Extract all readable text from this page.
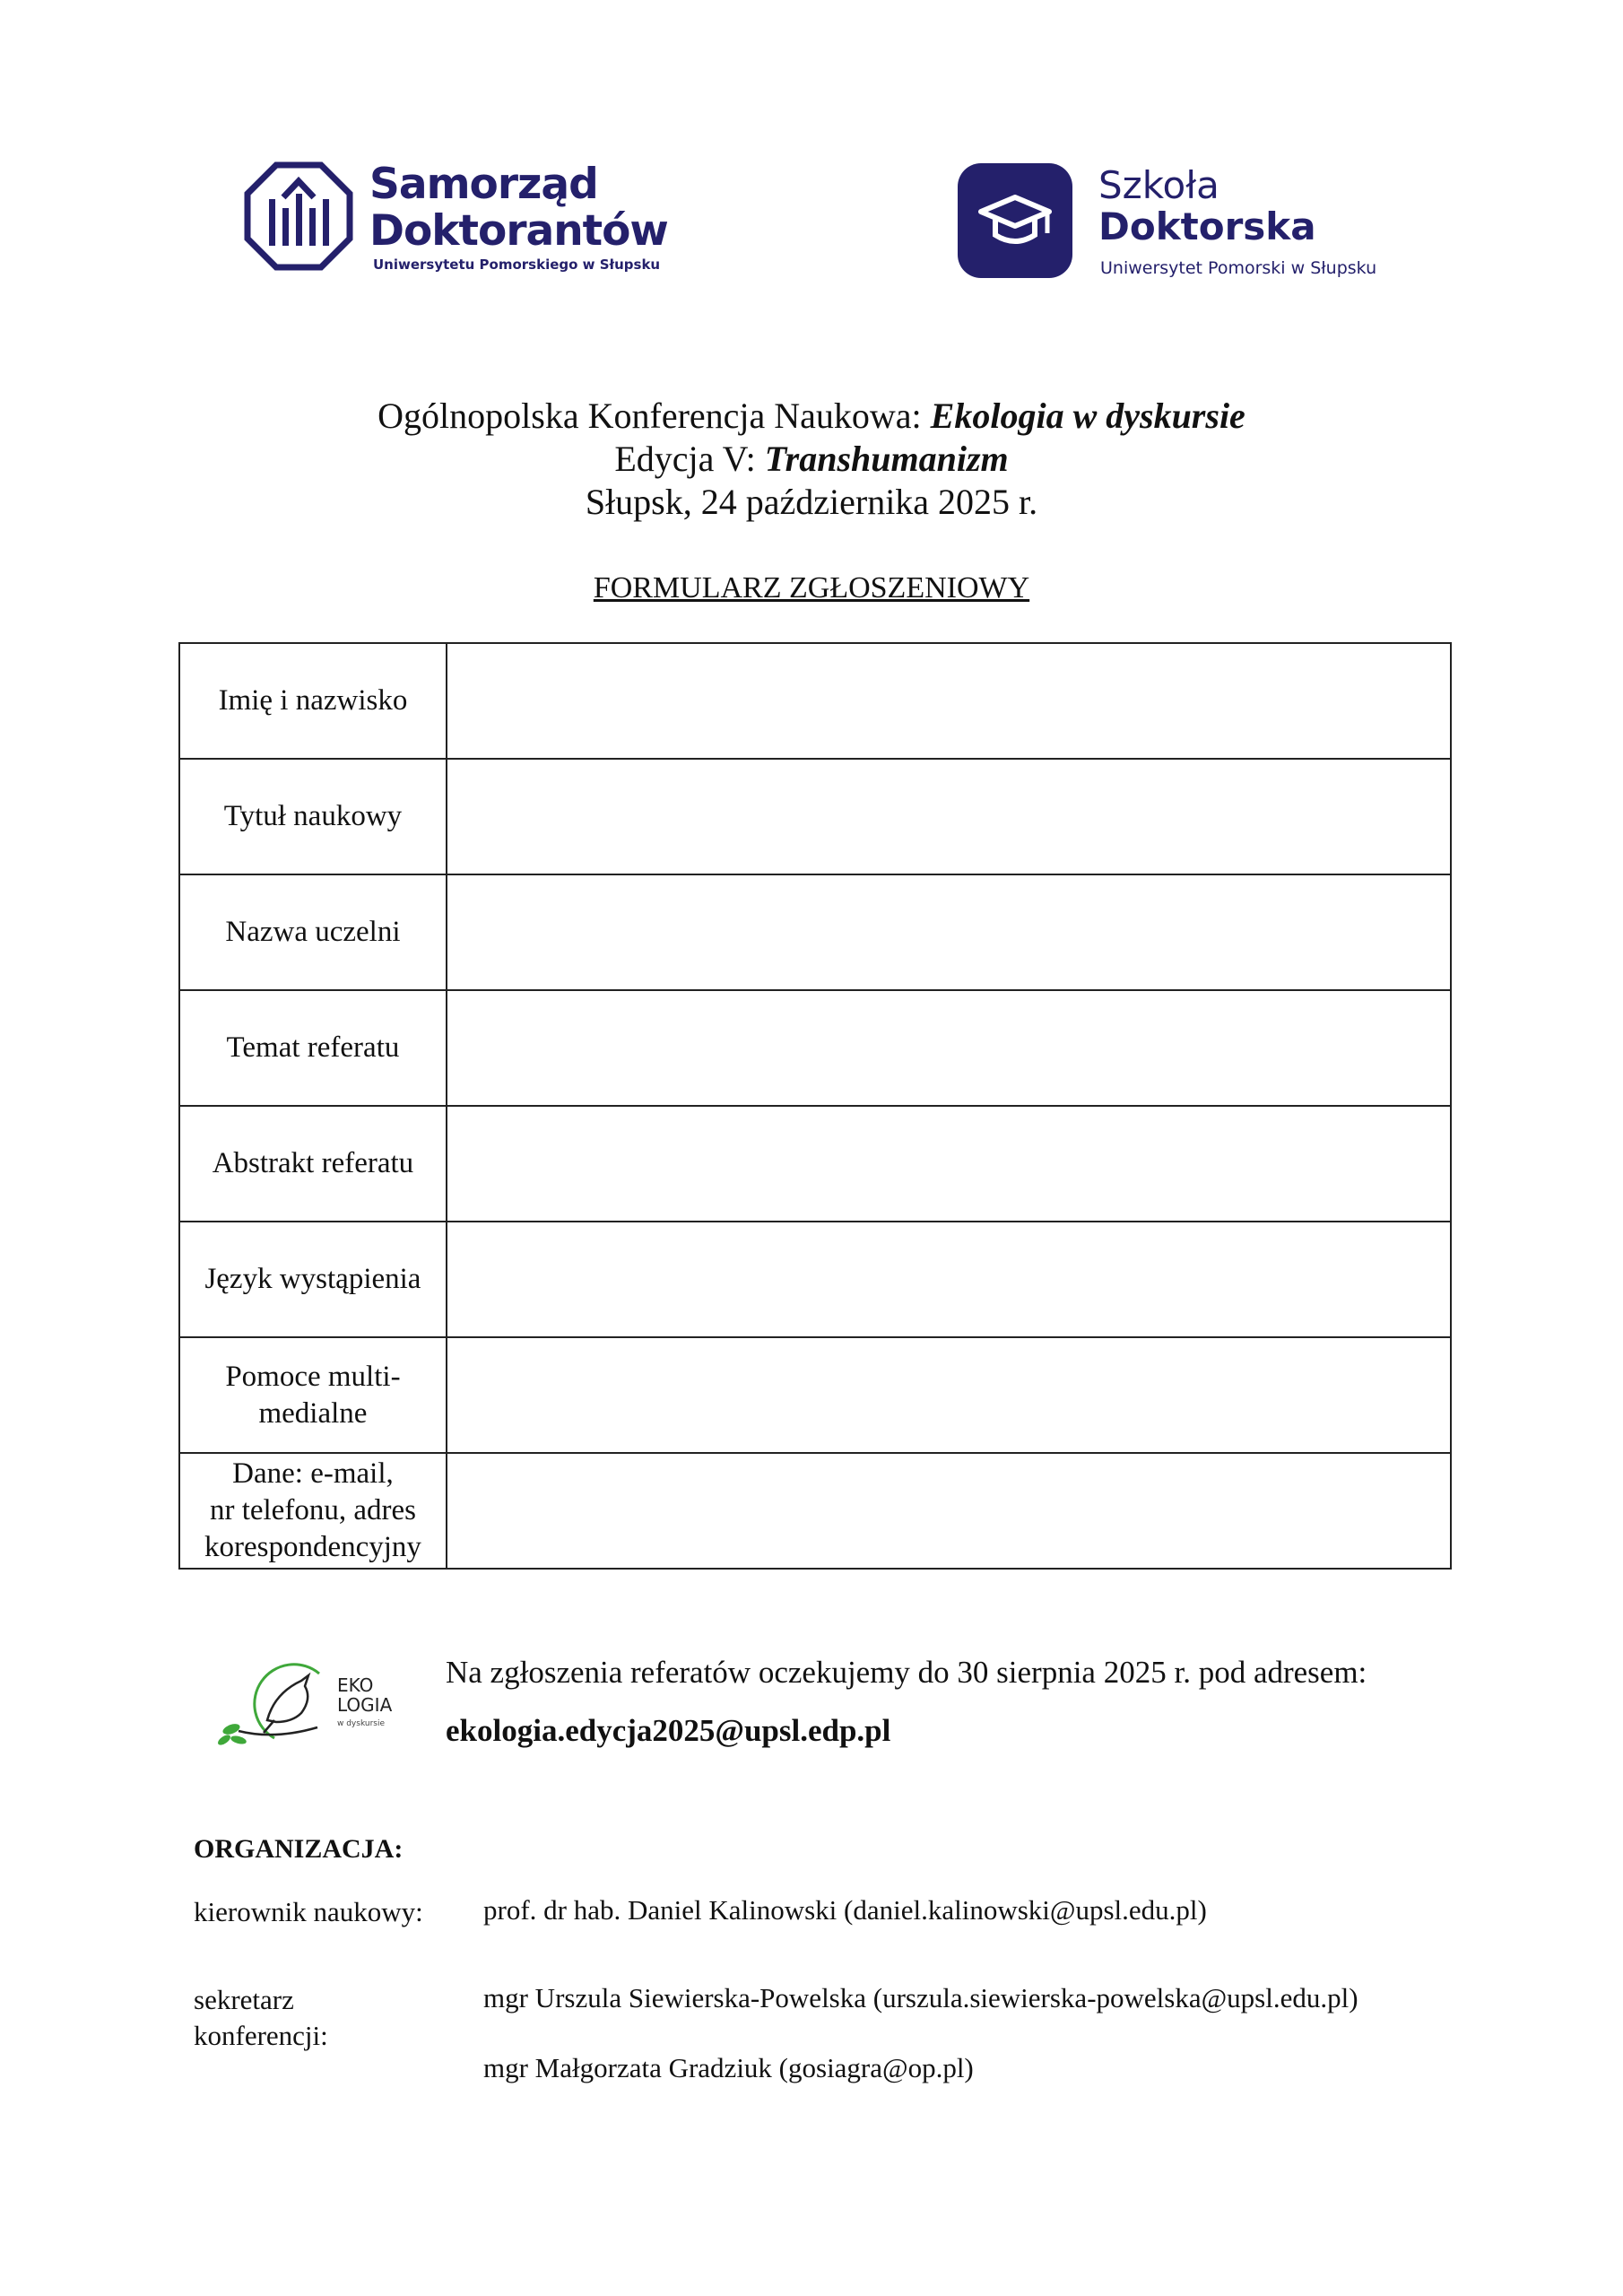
Samorząd
Doktorantów
Uniwersytetu Pomorskiego w Słupsku
Szkoła
Doktorska
Uniwersytet Pomorski w Słupsku
Ogólnopolska Konferencja Naukowa: Ekologia w dyskursie
Edycja V: Transhumanizm
Słupsk, 24 października 2025 r.
FORMULARZ ZGŁOSZENIOWY
Imię i nazwisko	
Tytuł naukowy	
Nazwa uczelni	
Temat referatu	
Abstrakt referatu	
Język wystąpienia	
Pomoce multi-
medialne	
Dane: e-mail,
nr telefonu, adres
korespondencyjny	
EKO
LOGIA
w dyskursie
Na zgłoszenia referatów oczekujemy do 30 sierpnia 2025 r. pod adresem:
ekologia.edycja2025@upsl.edp.pl
ORGANIZACJA:
kierownik naukowy: prof. dr hab. Daniel Kalinowski (daniel.kalinowski@upsl.edu.pl)
sekretarz
konferencji:
mgr Urszula Siewierska-Powelska (urszula.siewierska-powelska@upsl.edu.pl)
mgr Małgorzata Gradziuk (gosiagra@op.pl)
